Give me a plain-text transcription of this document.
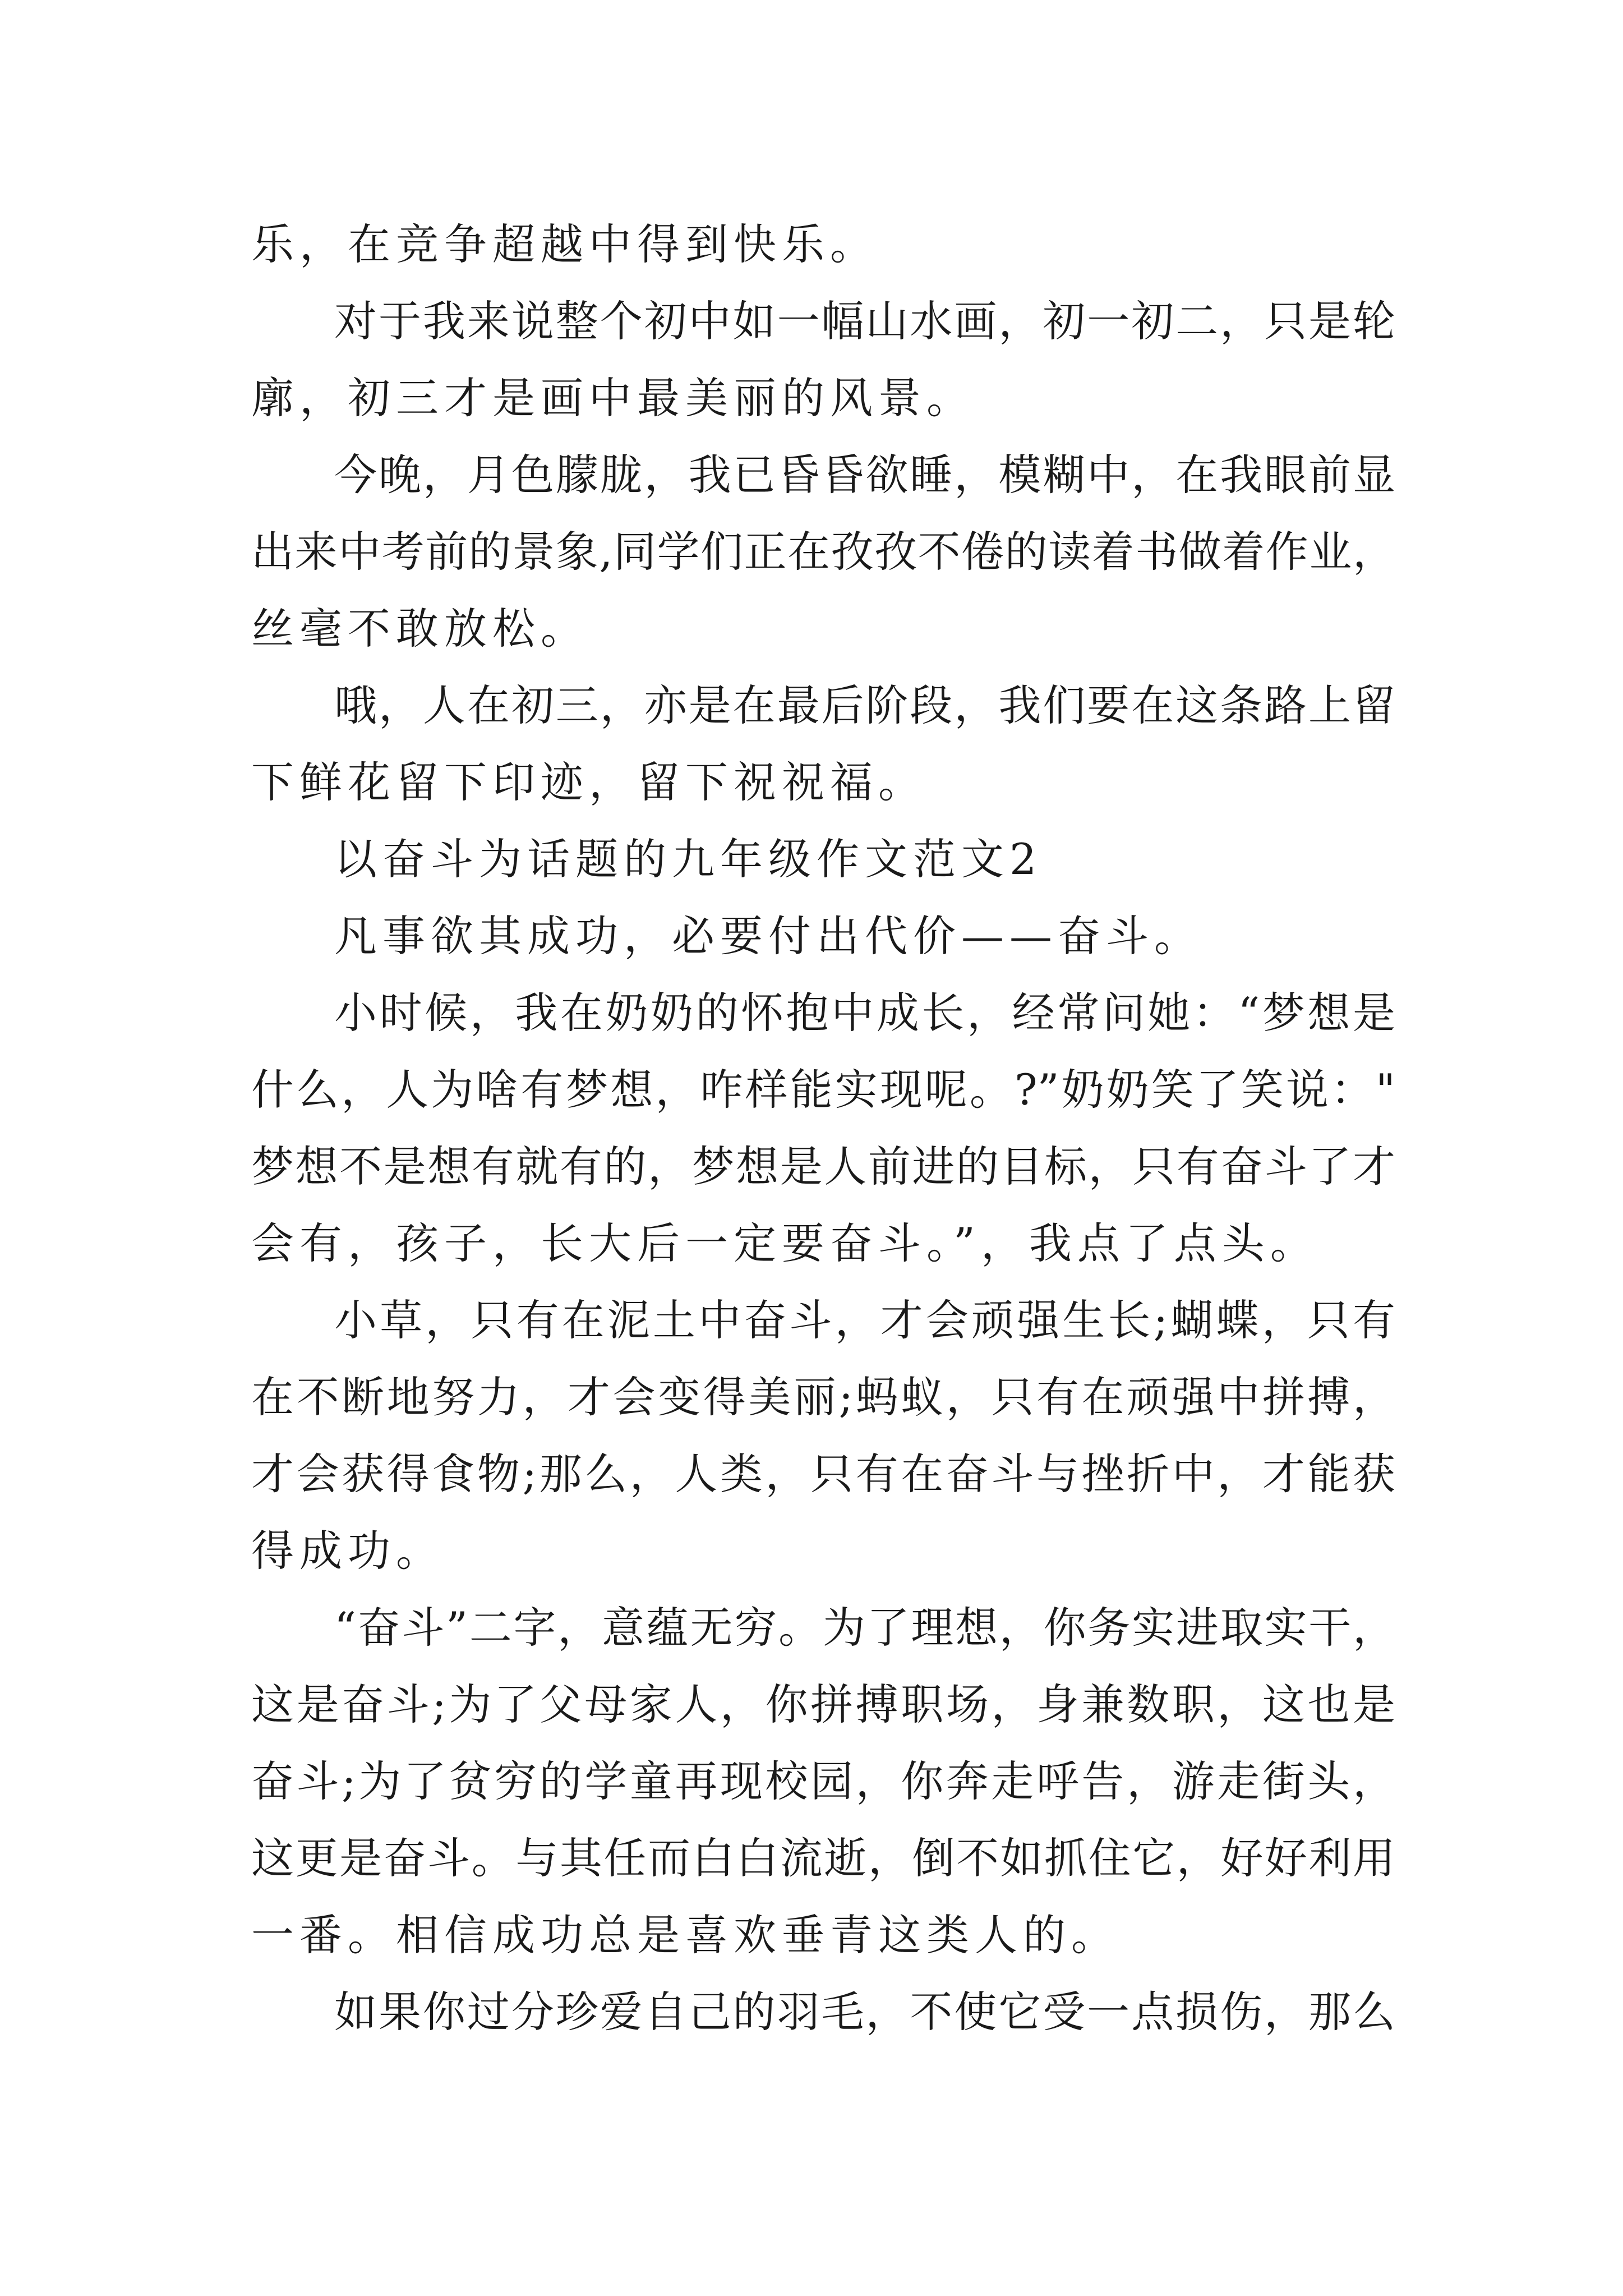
乐，在竞争超越中得到快乐。
对于我来说整个初中如一幅山水画，初一初二，只是轮
廓，初三才是画中最美丽的风景。
今晚，月色朦胧，我已昏昏欲睡，模糊中，在我眼前显
出来中考前的景象,同学们正在孜孜不倦的读着书做着作业，
丝毫不敢放松。
哦，人在初三，亦是在最后阶段，我们要在这条路上留
下鲜花留下印迹，留下祝祝福。
以奋斗为话题的九年级作文范文2
凡事欲其成功，必要付出代价——奋斗。
小时候，我在奶奶的怀抱中成长，经常问她：“梦想是
什么，人为啥有梦想，咋样能实现呢。?”奶奶笑了笑说："
梦想不是想有就有的，梦想是人前进的目标，只有奋斗了才
会有，孩子，长大后一定要奋斗。”，我点了点头。
小草，只有在泥土中奋斗，才会顽强生长;蝴蝶，只有
在不断地努力，才会变得美丽;蚂蚁，只有在顽强中拼搏，
才会获得食物;那么，人类，只有在奋斗与挫折中，才能获
得成功。
“奋斗”二字，意蕴无穷。为了理想，你务实进取实干，
这是奋斗;为了父母家人，你拼搏职场，身兼数职，这也是
奋斗;为了贫穷的学童再现校园，你奔走呼告，游走街头，
这更是奋斗。与其任而白白流逝，倒不如抓住它，好好利用
一番。相信成功总是喜欢垂青这类人的。
如果你过分珍爱自己的羽毛，不使它受一点损伤，那么
